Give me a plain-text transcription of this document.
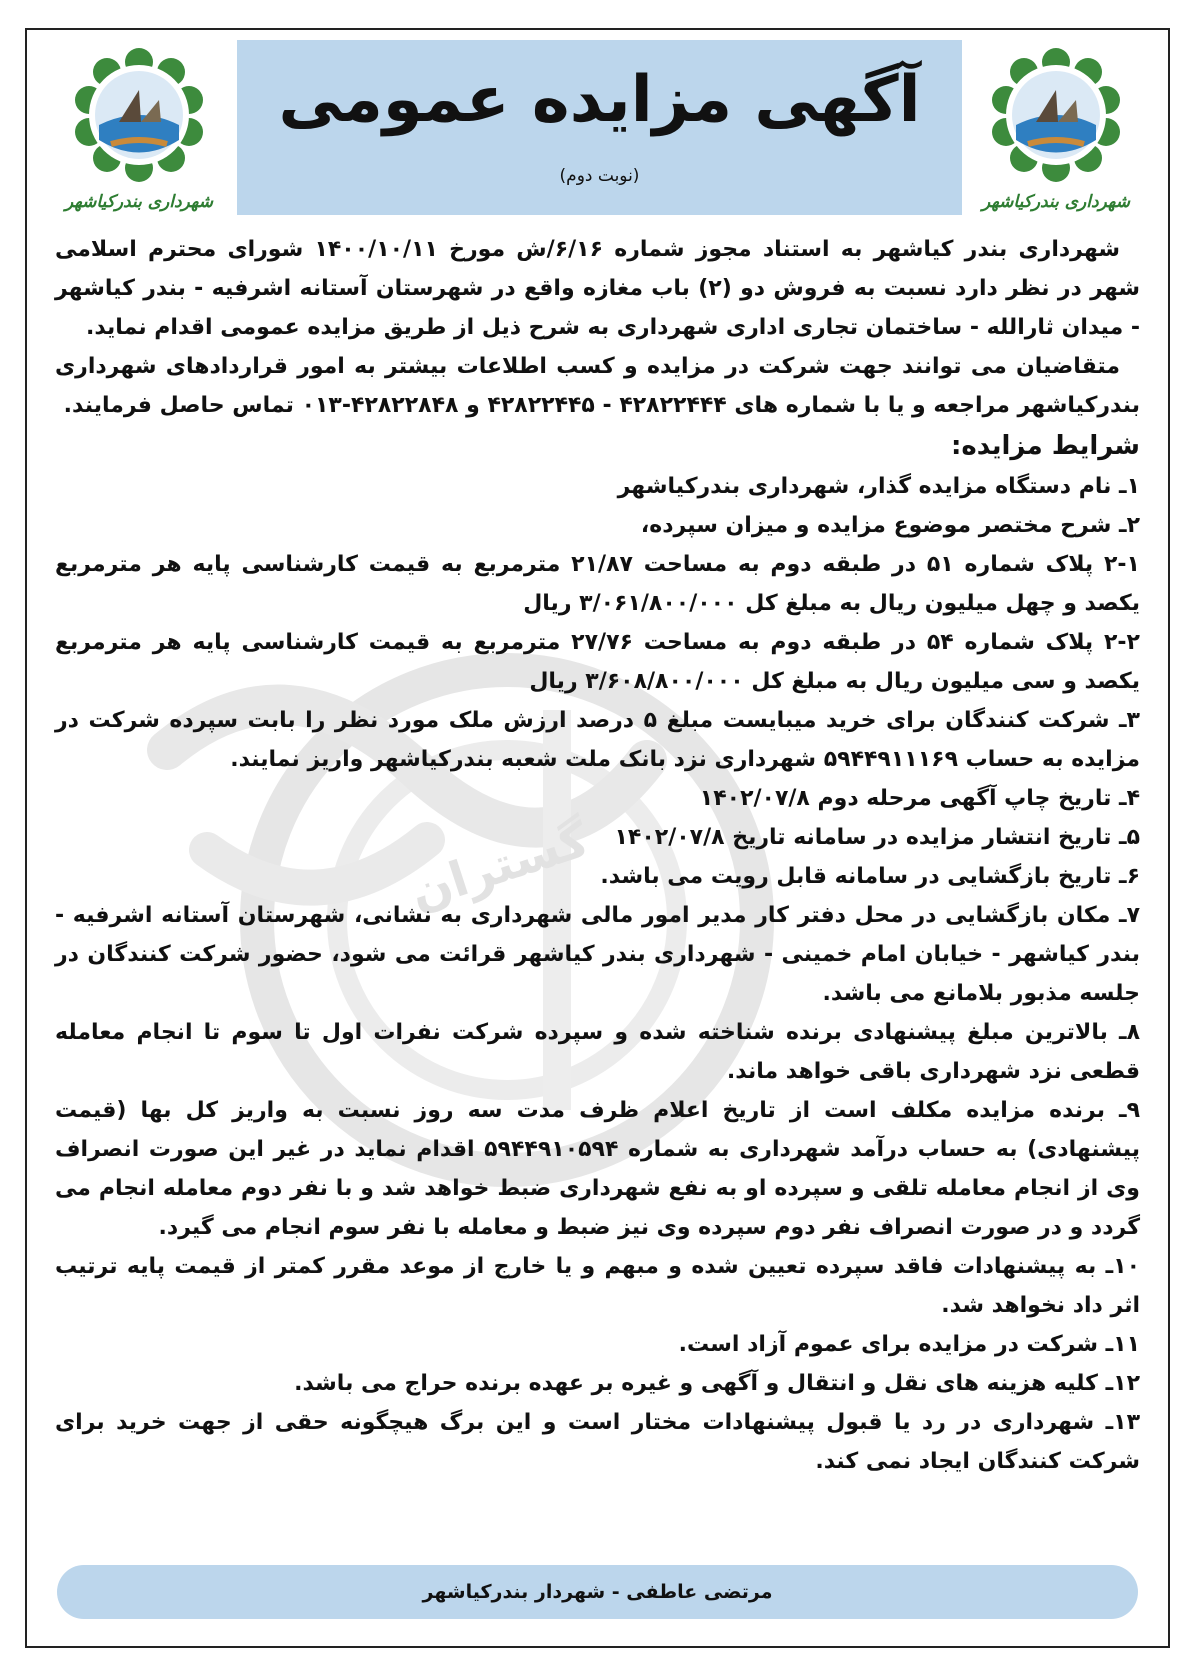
گستران
شهرداری بندرکیاشهر	شهرداری بندرکیاشهر
آگهی مزایده عمومی
(نوبت دوم)

شهرداری بندر کیاشهر به استناد مجوز شماره ۶/۱۶/ش مورخ ۱۴۰۰/۱۰/۱۱ شورای محترم اسلامی شهر در نظر دارد نسبت به فروش دو (۲) باب مغازه واقع در شهرستان آستانه اشرفیه - بندر کیاشهر - میدان ثارالله - ساختمان تجاری اداری شهرداری به شرح ذیل از طریق مزایده عمومی اقدام نماید.

متقاضیان می توانند جهت شرکت در مزایده و کسب اطلاعات بیشتر به امور قراردادهای شهرداری بندرکیاشهر مراجعه و یا با شماره های ۴۲۸۲۲۴۴۴ - ۴۲۸۲۲۴۴۵ و ۴۲۸۲۲۸۴۸-۰۱۳ تماس حاصل فرمایند.

شرایط مزایده:

۱ـ نام دستگاه مزایده گذار، شهرداری بندرکیاشهر

۲ـ شرح مختصر موضوع مزایده و میزان سپرده،

۲-۱ پلاک شماره ۵۱ در طبقه دوم به مساحت ۲۱/۸۷ مترمربع به قیمت کارشناسی پایه هر مترمربع یکصد و چهل میلیون ریال به مبلغ کل ۳/۰۶۱/۸۰۰/۰۰۰ ریال

۲-۲ پلاک شماره ۵۴ در طبقه دوم به مساحت ۲۷/۷۶ مترمربع به قیمت کارشناسی پایه هر مترمربع یکصد و سی میلیون ریال به مبلغ کل ۳/۶۰۸/۸۰۰/۰۰۰ ریال

۳ـ شرکت کنندگان برای خرید میبایست مبلغ ۵ درصد ارزش ملک مورد نظر را بابت سپرده شرکت در مزایده به حساب ۵۹۴۴۹۱۱۱۶۹ شهرداری نزد بانک ملت شعبه بندرکیاشهر واریز نمایند.

۴ـ تاریخ چاپ آگهی مرحله دوم ۱۴۰۲/۰۷/۸

۵ـ تاریخ انتشار مزایده در سامانه تاریخ ۱۴۰۲/۰۷/۸

۶ـ تاریخ بازگشایی در سامانه قابل رویت می باشد.

۷ـ مکان بازگشایی در محل دفتر کار مدیر امور مالی شهرداری به نشانی، شهرستان آستانه اشرفیه - بندر کیاشهر - خیابان امام خمینی - شهرداری بندر کیاشهر قرائت می شود، حضور شرکت کنندگان در جلسه مذبور بلامانع می باشد.

۸ـ بالاترین مبلغ پیشنهادی برنده شناخته شده و سپرده شرکت نفرات اول تا سوم تا انجام معامله قطعی نزد شهرداری باقی خواهد ماند.

۹ـ برنده مزایده مکلف است از تاریخ اعلام ظرف مدت سه روز نسبت به واریز کل بها (قیمت پیشنهادی) به حساب درآمد شهرداری به شماره ۵۹۴۴۹۱۰۵۹۴ اقدام نماید در غیر این صورت انصراف وی از انجام معامله تلقی و سپرده او به نفع شهرداری ضبط خواهد شد و با نفر دوم معامله انجام می گردد و در صورت انصراف نفر دوم سپرده وی نیز ضبط و معامله با نفر سوم انجام می گیرد.

۱۰ـ به پیشنهادات فاقد سپرده تعیین شده و مبهم و یا خارج از موعد مقرر کمتر از قیمت پایه ترتیب اثر داد نخواهد شد.

۱۱ـ شرکت در مزایده برای عموم آزاد است.

۱۲ـ کلیه هزینه های نقل و انتقال و آگهی و غیره بر عهده برنده حراج می باشد.

۱۳ـ شهرداری در رد یا قبول پیشنهادات مختار است و این برگ هیچگونه حقی از جهت خرید برای شرکت کنندگان ایجاد نمی کند.

مرتضی عاطفی - شهردار بندرکیاشهر
